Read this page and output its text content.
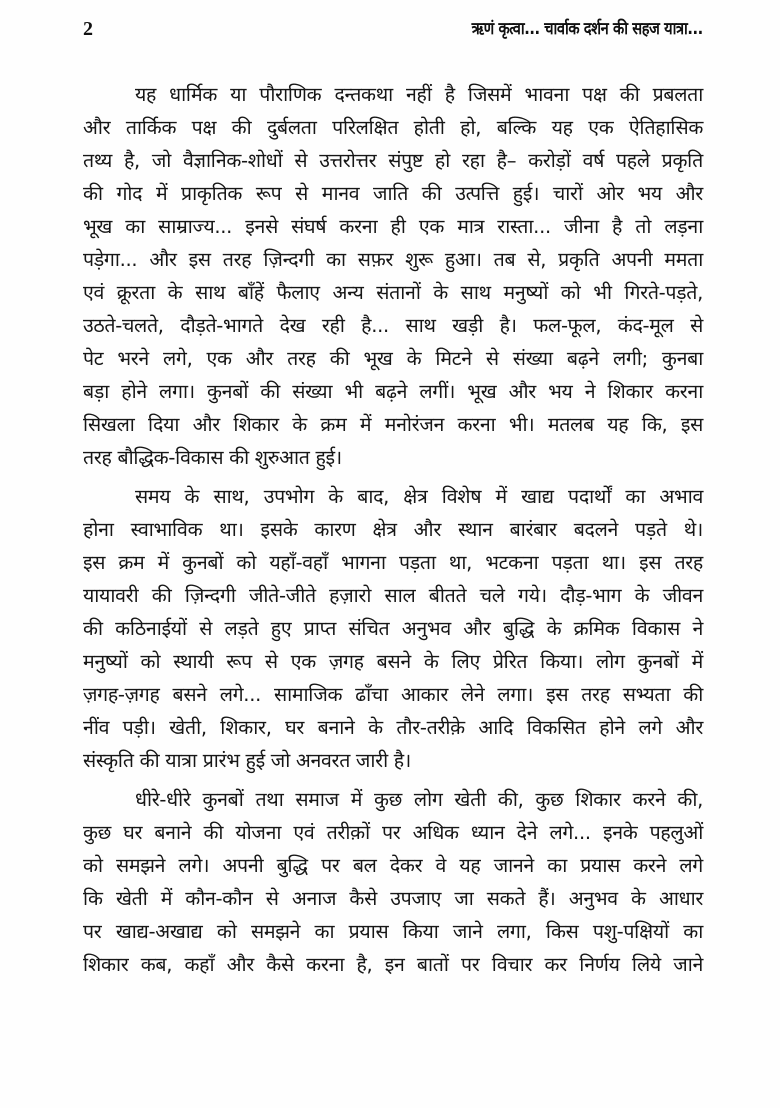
2	ऋणं कृत्वा... चार्वाक दर्शन की सहज यात्रा...
यह धार्मिक या पौराणिक दन्तकथा नहीं है जिसमें भावना पक्ष की प्रबलता
और तार्किक पक्ष की दुर्बलता परिलक्षित होती हो, बल्कि यह एक ऐतिहासिक
तथ्य है, जो वैज्ञानिक-शोधों से उत्तरोत्तर संपुष्ट हो रहा है– करोड़ों वर्ष पहले प्रकृति
की गोद में प्राकृतिक रूप से मानव जाति की उत्पत्ति हुई। चारों ओर भय और
भूख का साम्राज्य... इनसे संघर्ष करना ही एक मात्र रास्ता... जीना है तो लड़ना
पड़ेगा... और इस तरह ज़िन्दगी का सफ़र शुरू हुआ। तब से, प्रकृति अपनी ममता
एवं क्रूरता के साथ बाँहें फैलाए अन्य संतानों के साथ मनुष्यों को भी गिरते-पड़ते,
उठते-चलते, दौड़ते-भागते देख रही है... साथ खड़ी है। फल-फूल, कंद-मूल से
पेट भरने लगे, एक और तरह की भूख के मिटने से संख्या बढ़ने लगी; कुनबा
बड़ा होने लगा। कुनबों की संख्या भी बढ़ने लगीं। भूख और भय ने शिकार करना
सिखला दिया और शिकार के क्रम में मनोरंजन करना भी। मतलब यह कि, इस
तरह बौद्धिक-विकास की शुरुआत हुई।
समय के साथ, उपभोग के बाद, क्षेत्र विशेष में खाद्य पदार्थों का अभाव
होना स्वाभाविक था। इसके कारण क्षेत्र और स्थान बारंबार बदलने पड़ते थे।
इस क्रम में कुनबों को यहाँ-वहाँ भागना पड़ता था, भटकना पड़ता था। इस तरह
यायावरी की ज़िन्दगी जीते-जीते हज़ारो साल बीतते चले गये। दौड़-भाग के जीवन
की कठिनाईयों से लड़ते हुए प्राप्त संचित अनुभव और बुद्धि के क्रमिक विकास ने
मनुष्यों को स्थायी रूप से एक ज़गह बसने के लिए प्रेरित किया। लोग कुनबों में
ज़गह-ज़गह बसने लगे... सामाजिक ढाँचा आकार लेने लगा। इस तरह सभ्यता की
नींव पड़ी। खेती, शिकार, घर बनाने के तौर-तरीक़े आदि विकसित होने लगे और
संस्कृति की यात्रा प्रारंभ हुई जो अनवरत जारी है।
धीरे-धीरे कुनबों तथा समाज में कुछ लोग खेती की, कुछ शिकार करने की,
कुछ घर बनाने की योजना एवं तरीक़ों पर अधिक ध्यान देने लगे... इनके पहलुओं
को समझने लगे। अपनी बुद्धि पर बल देकर वे यह जानने का प्रयास करने लगे
कि खेती में कौन-कौन से अनाज कैसे उपजाए जा सकते हैं। अनुभव के आधार
पर खाद्य-अखाद्य को समझने का प्रयास किया जाने लगा, किस पशु-पक्षियों का
शिकार कब, कहाँ और कैसे करना है, इन बातों पर विचार कर निर्णय लिये जाने
